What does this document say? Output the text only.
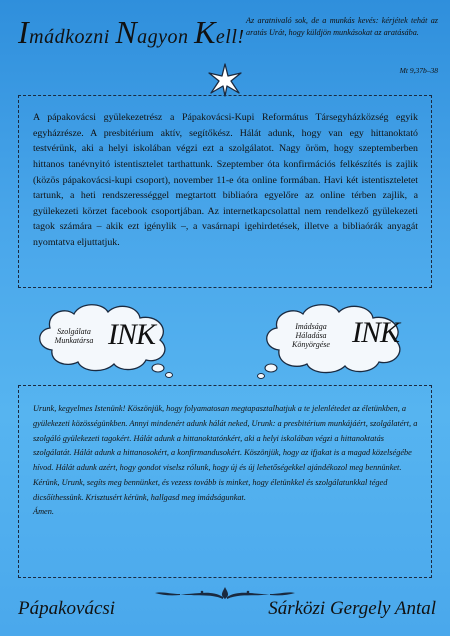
Imádkozni Nagyon Kell!
Az aratnivaló sok, de a munkás kevés: kérjétek tehát az aratás Urát, hogy küldjön munkásokat az aratásába.
Mt 9,37b–38
A pápakovácsi gyülekezetrész a Pápakovácsi-Kupi Református Társegyházközség egyik egyházrésze. A presbitérium aktív, segítőkész. Hálát adunk, hogy van egy hittanoktató testvérünk, aki a helyi iskolában végzi ezt a szolgálatot. Nagy öröm, hogy szeptemberben hittanos tanévnyitó istentisztelet tarthattunk. Szeptember óta konfirmációs felkészítés is zajlik (közös pápakovácsi-kupi csoport), november 11-e óta online formában. Havi két istentiszteletet tartunk, a heti rendszerességgel megtartott bibliaóra egyelőre az online térben zajlik, a gyülekezeti körzet facebook csoportjában. Az internetkapcsolattal nem rendelkező gyülekezeti tagok számára – akik ezt igénylik –, a vasárnapi igehirdetések, illetve a bibliaórák anyagát nyomtatva eljuttatjuk.
Szolgálata
Munkatársa INK	Imádsága
Háladása
Könyörgése INK
Urunk, kegyelmes Istenünk! Köszönjük, hogy folyamatosan megtapasztalhatjuk a te jelenlétedet az életünkben, a gyülekezeti közösségünkben. Annyi mindenért adunk hálát neked, Urunk: a presbitérium munkájáért, szolgálatért, a szolgáló gyülekezeti tagokért. Hálát adunk a hittanoktatónkért, aki a helyi iskolában végzi a hittanoktatás szolgálatát. Hálát adunk a hittanosokért, a konfirmandusokért. Köszönjük, hogy az ifjakat is a magad közelségébe hívod. Hálát adunk azért, hogy gondot viselsz rólunk, hogy új és új lehetőségekkel ajándékozol meg bennünket. Kérünk, Urunk, segíts meg bennünket, és vezess tovább is minket, hogy életünkkel és szolgálatunkkal téged dicsőíthessünk. Krisztusért kérünk, hallgasd meg imádságunkat.
Ámen.
Pápakovácsi	Sárközi Gergely Antal
